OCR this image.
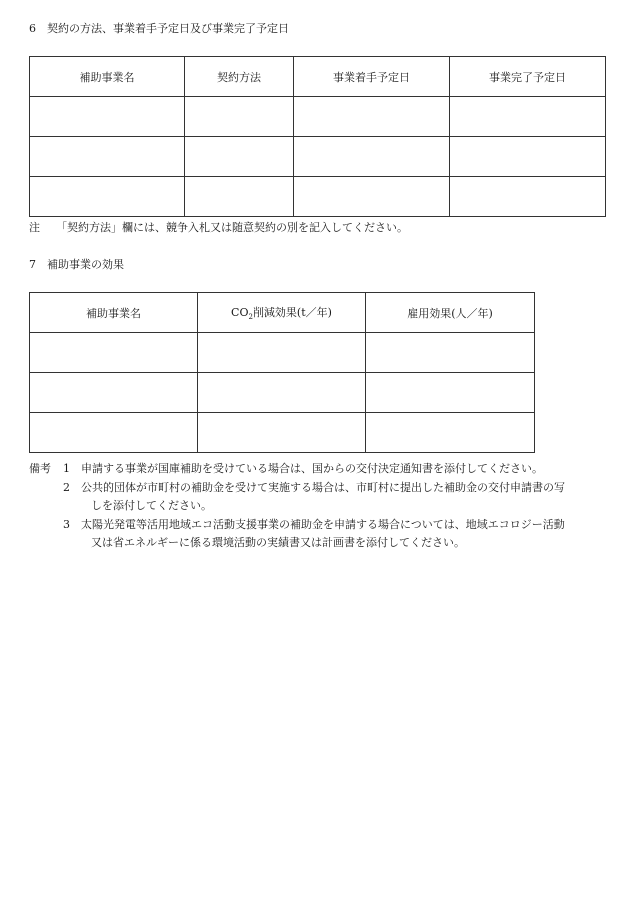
6 契約の方法、事業着手予定日及び事業完了予定日
補助事業名	契約方法	事業着手予定日	事業完了予定日

注 「契約方法」欄には、競争入札又は随意契約の別を記入してください。
7 補助事業の効果
補助事業名	$CO_2$削減効果(t／年)	雇用効果(人／年)

備考 1 申請する事業が国庫補助を受けている場合は、国からの交付決定通知書を添付してください。
2 公共的団体が市町村の補助金を受けて実施する場合は、市町村に提出した補助金の交付申請書の写
しを添付してください。
3 太陽光発電等活用地域エコ活動支援事業の補助金を申請する場合については、地域エコロジー活動
又は省エネルギーに係る環境活動の実績書又は計画書を添付してください。
